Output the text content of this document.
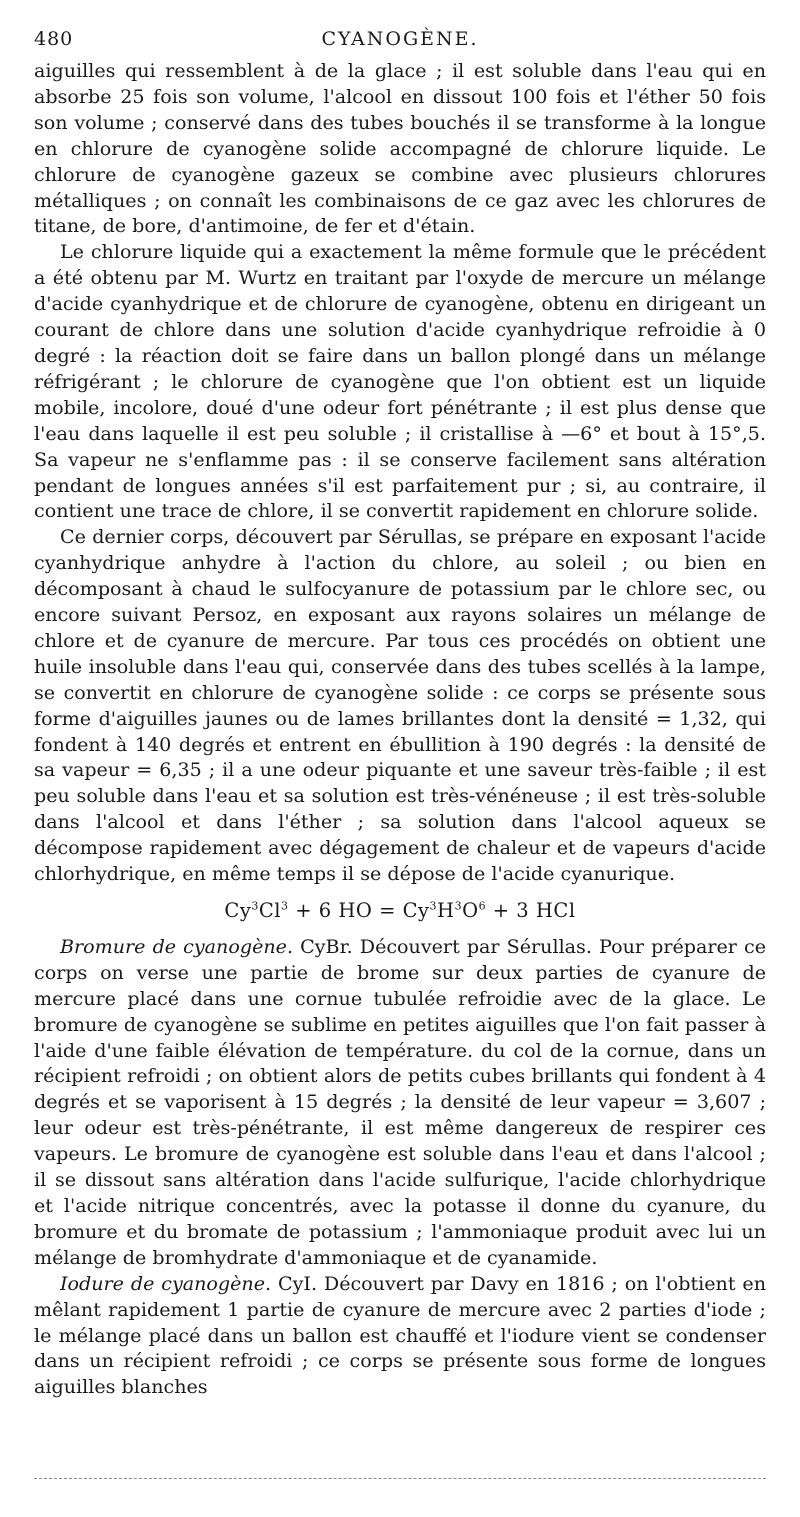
480	CYANOGÈNE.

aiguilles qui ressemblent à de la glace ; il est soluble dans l'eau qui en absorbe 25 fois son volume, l'alcool en dissout 100 fois et l'éther 50 fois son volume ; conservé dans des tubes bouchés il se transforme à la longue en chlorure de cyanogène solide accompagné de chlorure liquide. Le chlorure de cyanogène gazeux se combine avec plusieurs chlorures métalliques ; on connaît les combinaisons de ce gaz avec les chlorures de titane, de bore, d'antimoine, de fer et d'étain.

Le chlorure liquide qui a exactement la même formule que le précédent a été obtenu par M. Wurtz en traitant par l'oxyde de mercure un mélange d'acide cyanhydrique et de chlorure de cyanogène, obtenu en dirigeant un courant de chlore dans une solution d'acide cyanhydrique refroidie à 0 degré : la réaction doit se faire dans un ballon plongé dans un mélange réfrigérant ; le chlorure de cyanogène que l'on obtient est un liquide mobile, incolore, doué d'une odeur fort pénétrante ; il est plus dense que l'eau dans laquelle il est peu soluble ; il cristallise à —6° et bout à 15°,5. Sa vapeur ne s'enflamme pas : il se conserve facilement sans altération pendant de longues années s'il est parfaitement pur ; si, au contraire, il contient une trace de chlore, il se convertit rapidement en chlorure solide.

Ce dernier corps, découvert par Sérullas, se prépare en exposant l'acide cyanhydrique anhydre à l'action du chlore, au soleil ; ou bien en décomposant à chaud le sulfocyanure de potassium par le chlore sec, ou encore suivant Persoz, en exposant aux rayons solaires un mélange de chlore et de cyanure de mercure. Par tous ces procédés on obtient une huile insoluble dans l'eau qui, conservée dans des tubes scellés à la lampe, se convertit en chlorure de cyanogène solide : ce corps se présente sous forme d'aiguilles jaunes ou de lames brillantes dont la densité = 1,32, qui fondent à 140 degrés et entrent en ébullition à 190 degrés : la densité de sa vapeur = 6,35 ; il a une odeur piquante et une saveur très-faible ; il est peu soluble dans l'eau et sa solution est très-vénéneuse ; il est très-soluble dans l'alcool et dans l'éther ; sa solution dans l'alcool aqueux se décompose rapidement avec dégagement de chaleur et de vapeurs d'acide chlorhydrique, en même temps il se dépose de l'acide cyanurique.

$Cy^3Cl^3 + 6$ HO = $Cy^3H^3O^6 + 3$ HCl

Bromure de cyanogène. CyBr. Découvert par Sérullas. Pour préparer ce corps on verse une partie de brome sur deux parties de cyanure de mercure placé dans une cornue tubulée refroidie avec de la glace. Le bromure de cyanogène se sublime en petites aiguilles que l'on fait passer à l'aide d'une faible élévation de température. du col de la cornue, dans un récipient refroidi ; on obtient alors de petits cubes brillants qui fondent à 4 degrés et se vaporisent à 15 degrés ; la densité de leur vapeur = 3,607 ; leur odeur est très-pénétrante, il est même dangereux de respirer ces vapeurs. Le bromure de cyanogène est soluble dans l'eau et dans l'alcool ; il se dissout sans altération dans l'acide sulfurique, l'acide chlorhydrique et l'acide nitrique concentrés, avec la potasse il donne du cyanure, du bromure et du bromate de potassium ; l'ammoniaque produit avec lui un mélange de bromhydrate d'ammoniaque et de cyanamide.

Iodure de cyanogène. CyI. Découvert par Davy en 1816 ; on l'obtient en mêlant rapidement 1 partie de cyanure de mercure avec 2 parties d'iode ; le mélange placé dans un ballon est chauffé et l'iodure vient se condenser dans un récipient refroidi ; ce corps se présente sous forme de longues aiguilles blanches
